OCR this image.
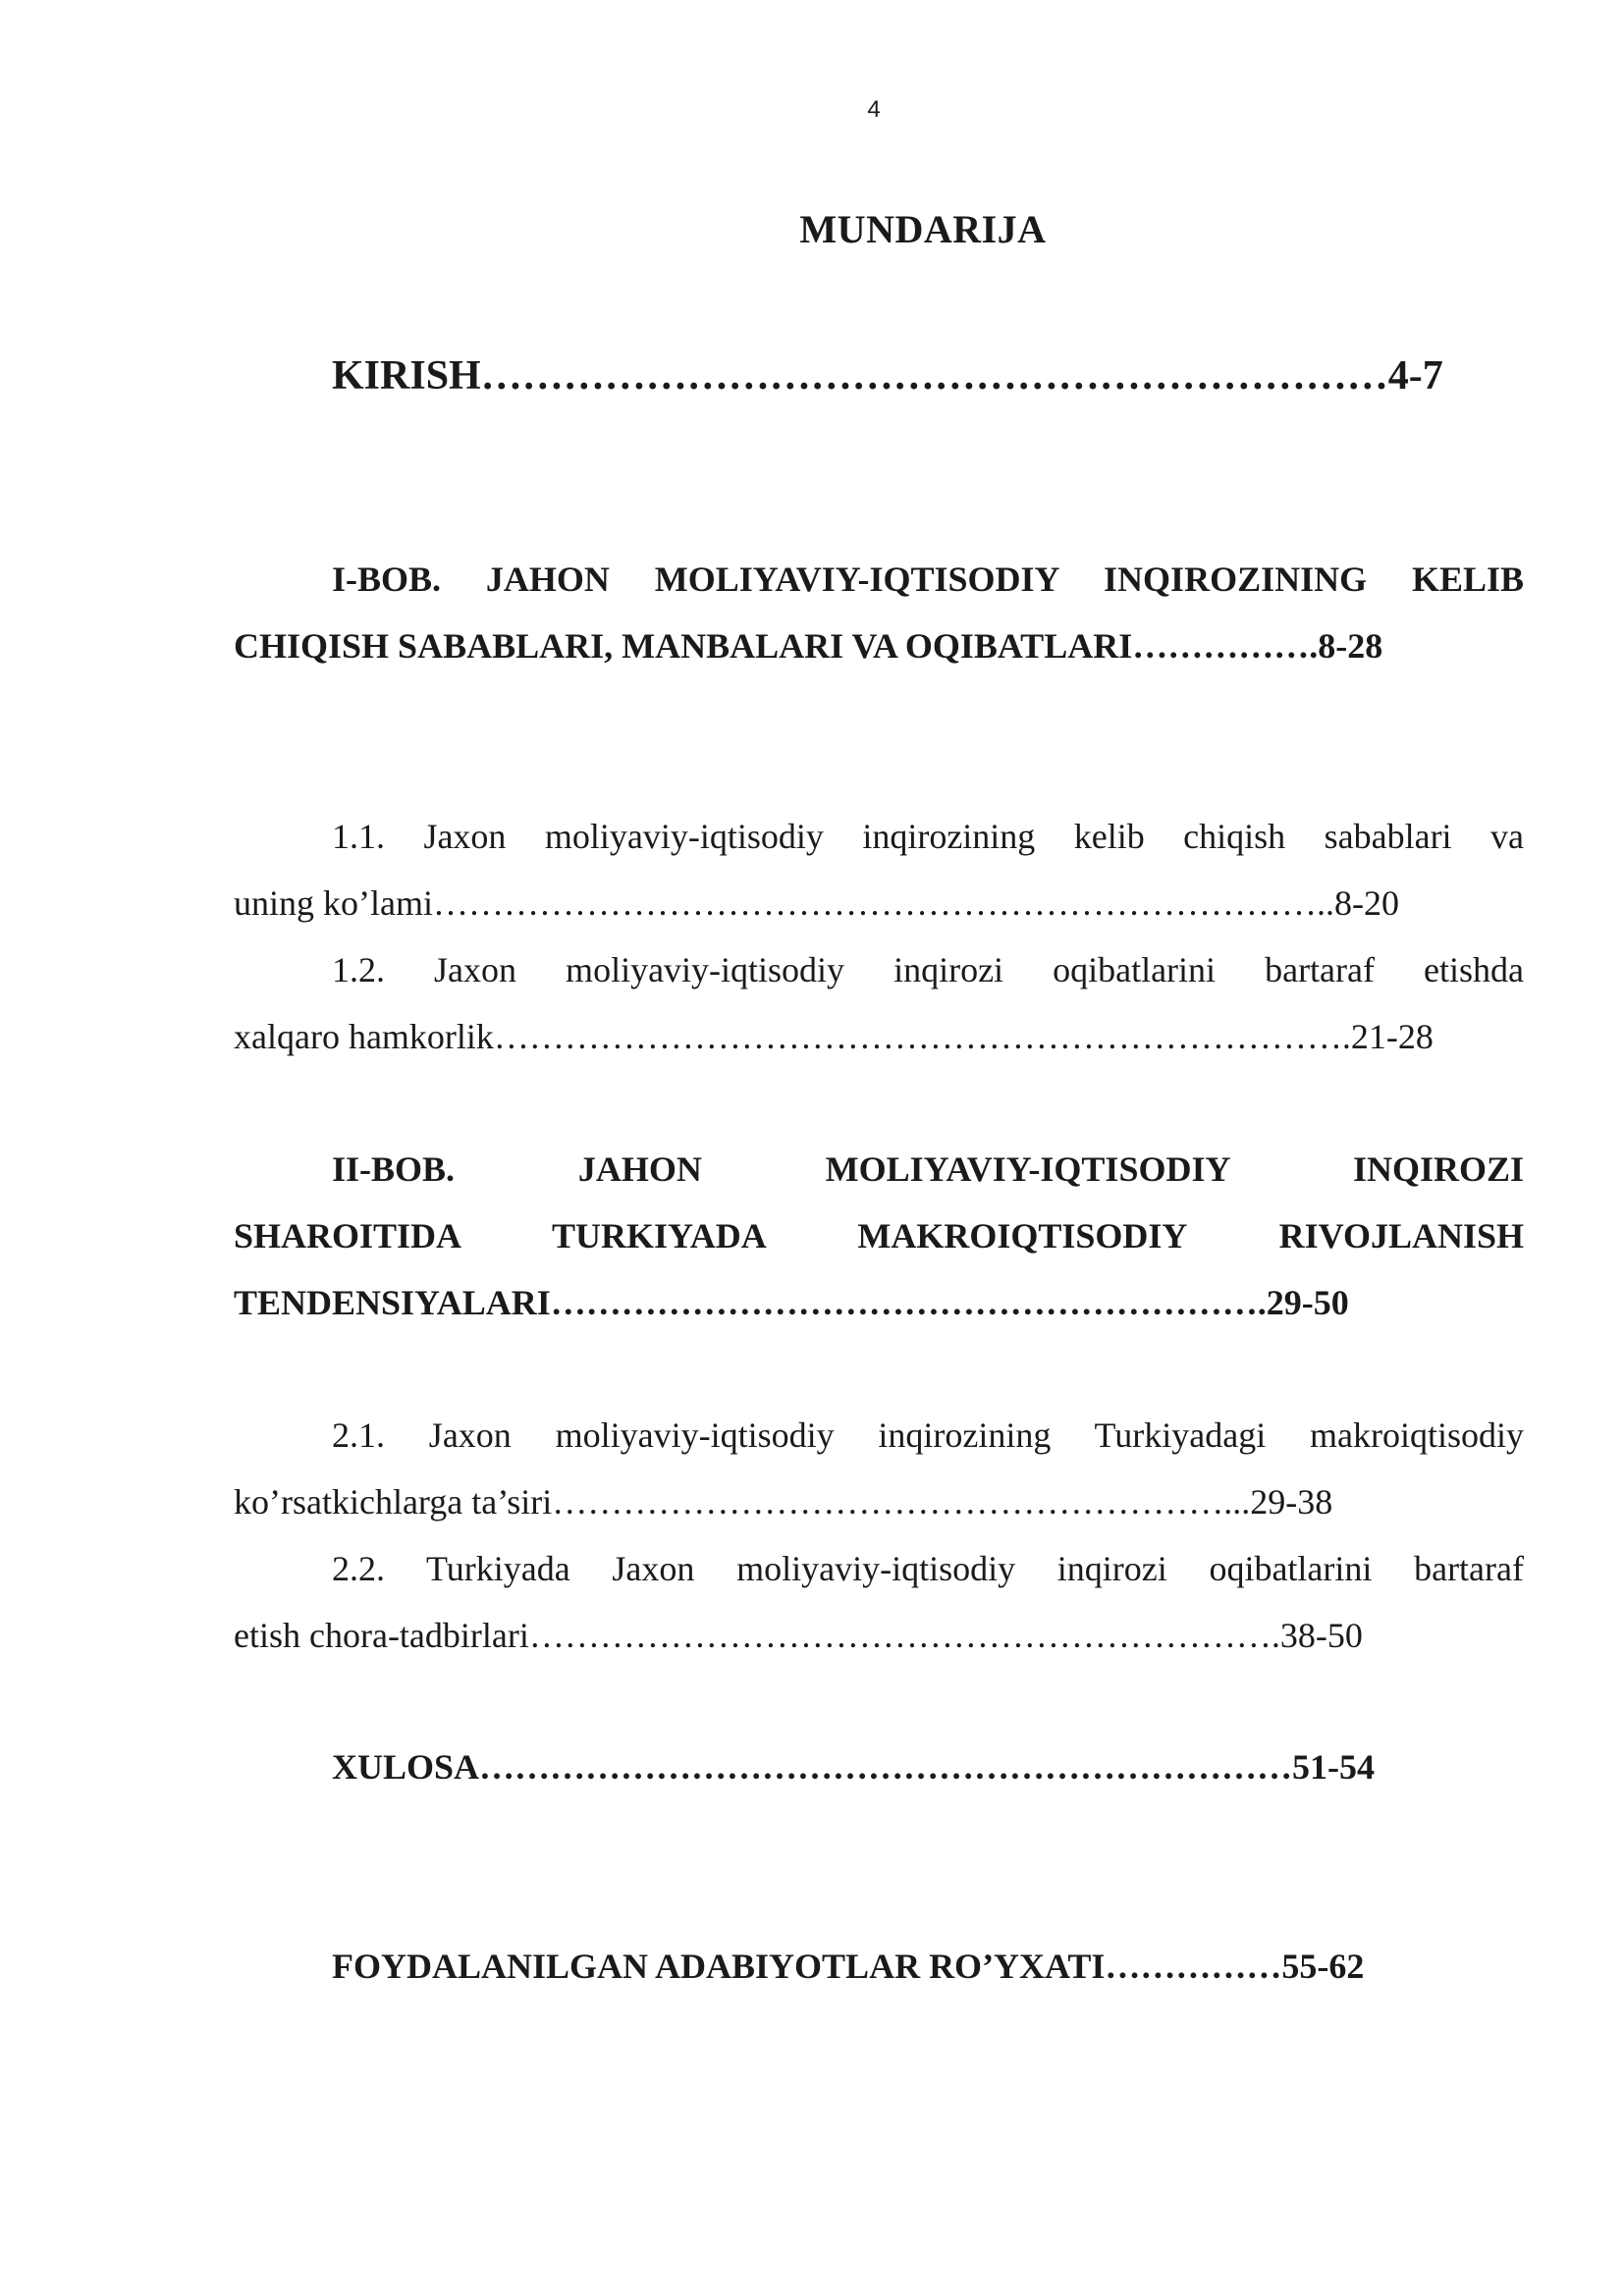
4
MUNDARIJA
KIRISH…………………………………………………………4-7
I-BOB. JAHON MOLIYAVIY-IQTISODIY INQIROZINING KELIB
CHIQISH SABABLARI, MANBALARI VA OQIBATLARI…………….8-28
1.1. Jaxon moliyaviy-iqtisodiy inqirozining kelib chiqish sabablari va
uning ko’lami…………………………………………………………………..8-20
1.2. Jaxon moliyaviy-iqtisodiy inqirozi oqibatlarini bartaraf etishda
xalqaro hamkorlik……………………………………………………………….21-28
II-BOB. JAHON MOLIYAVIY-IQTISODIY INQIROZI
SHAROITIDA TURKIYADA MAKROIQTISODIY RIVOJLANISH
TENDENSIYALARI…………………………………………………….29-50
2.1. Jaxon moliyaviy-iqtisodiy inqirozining Turkiyadagi makroiqtisodiy
ko’rsatkichlarga ta’siri…………………………………………………...29-38
2.2. Turkiyada Jaxon moliyaviy-iqtisodiy inqirozi oqibatlarini bartaraf
etish chora-tadbirlari……………………………………………………….38-50
XULOSA……………………………………………………………51-54
FOYDALANILGAN ADABIYOTLAR RO’YXATI……………55-62
